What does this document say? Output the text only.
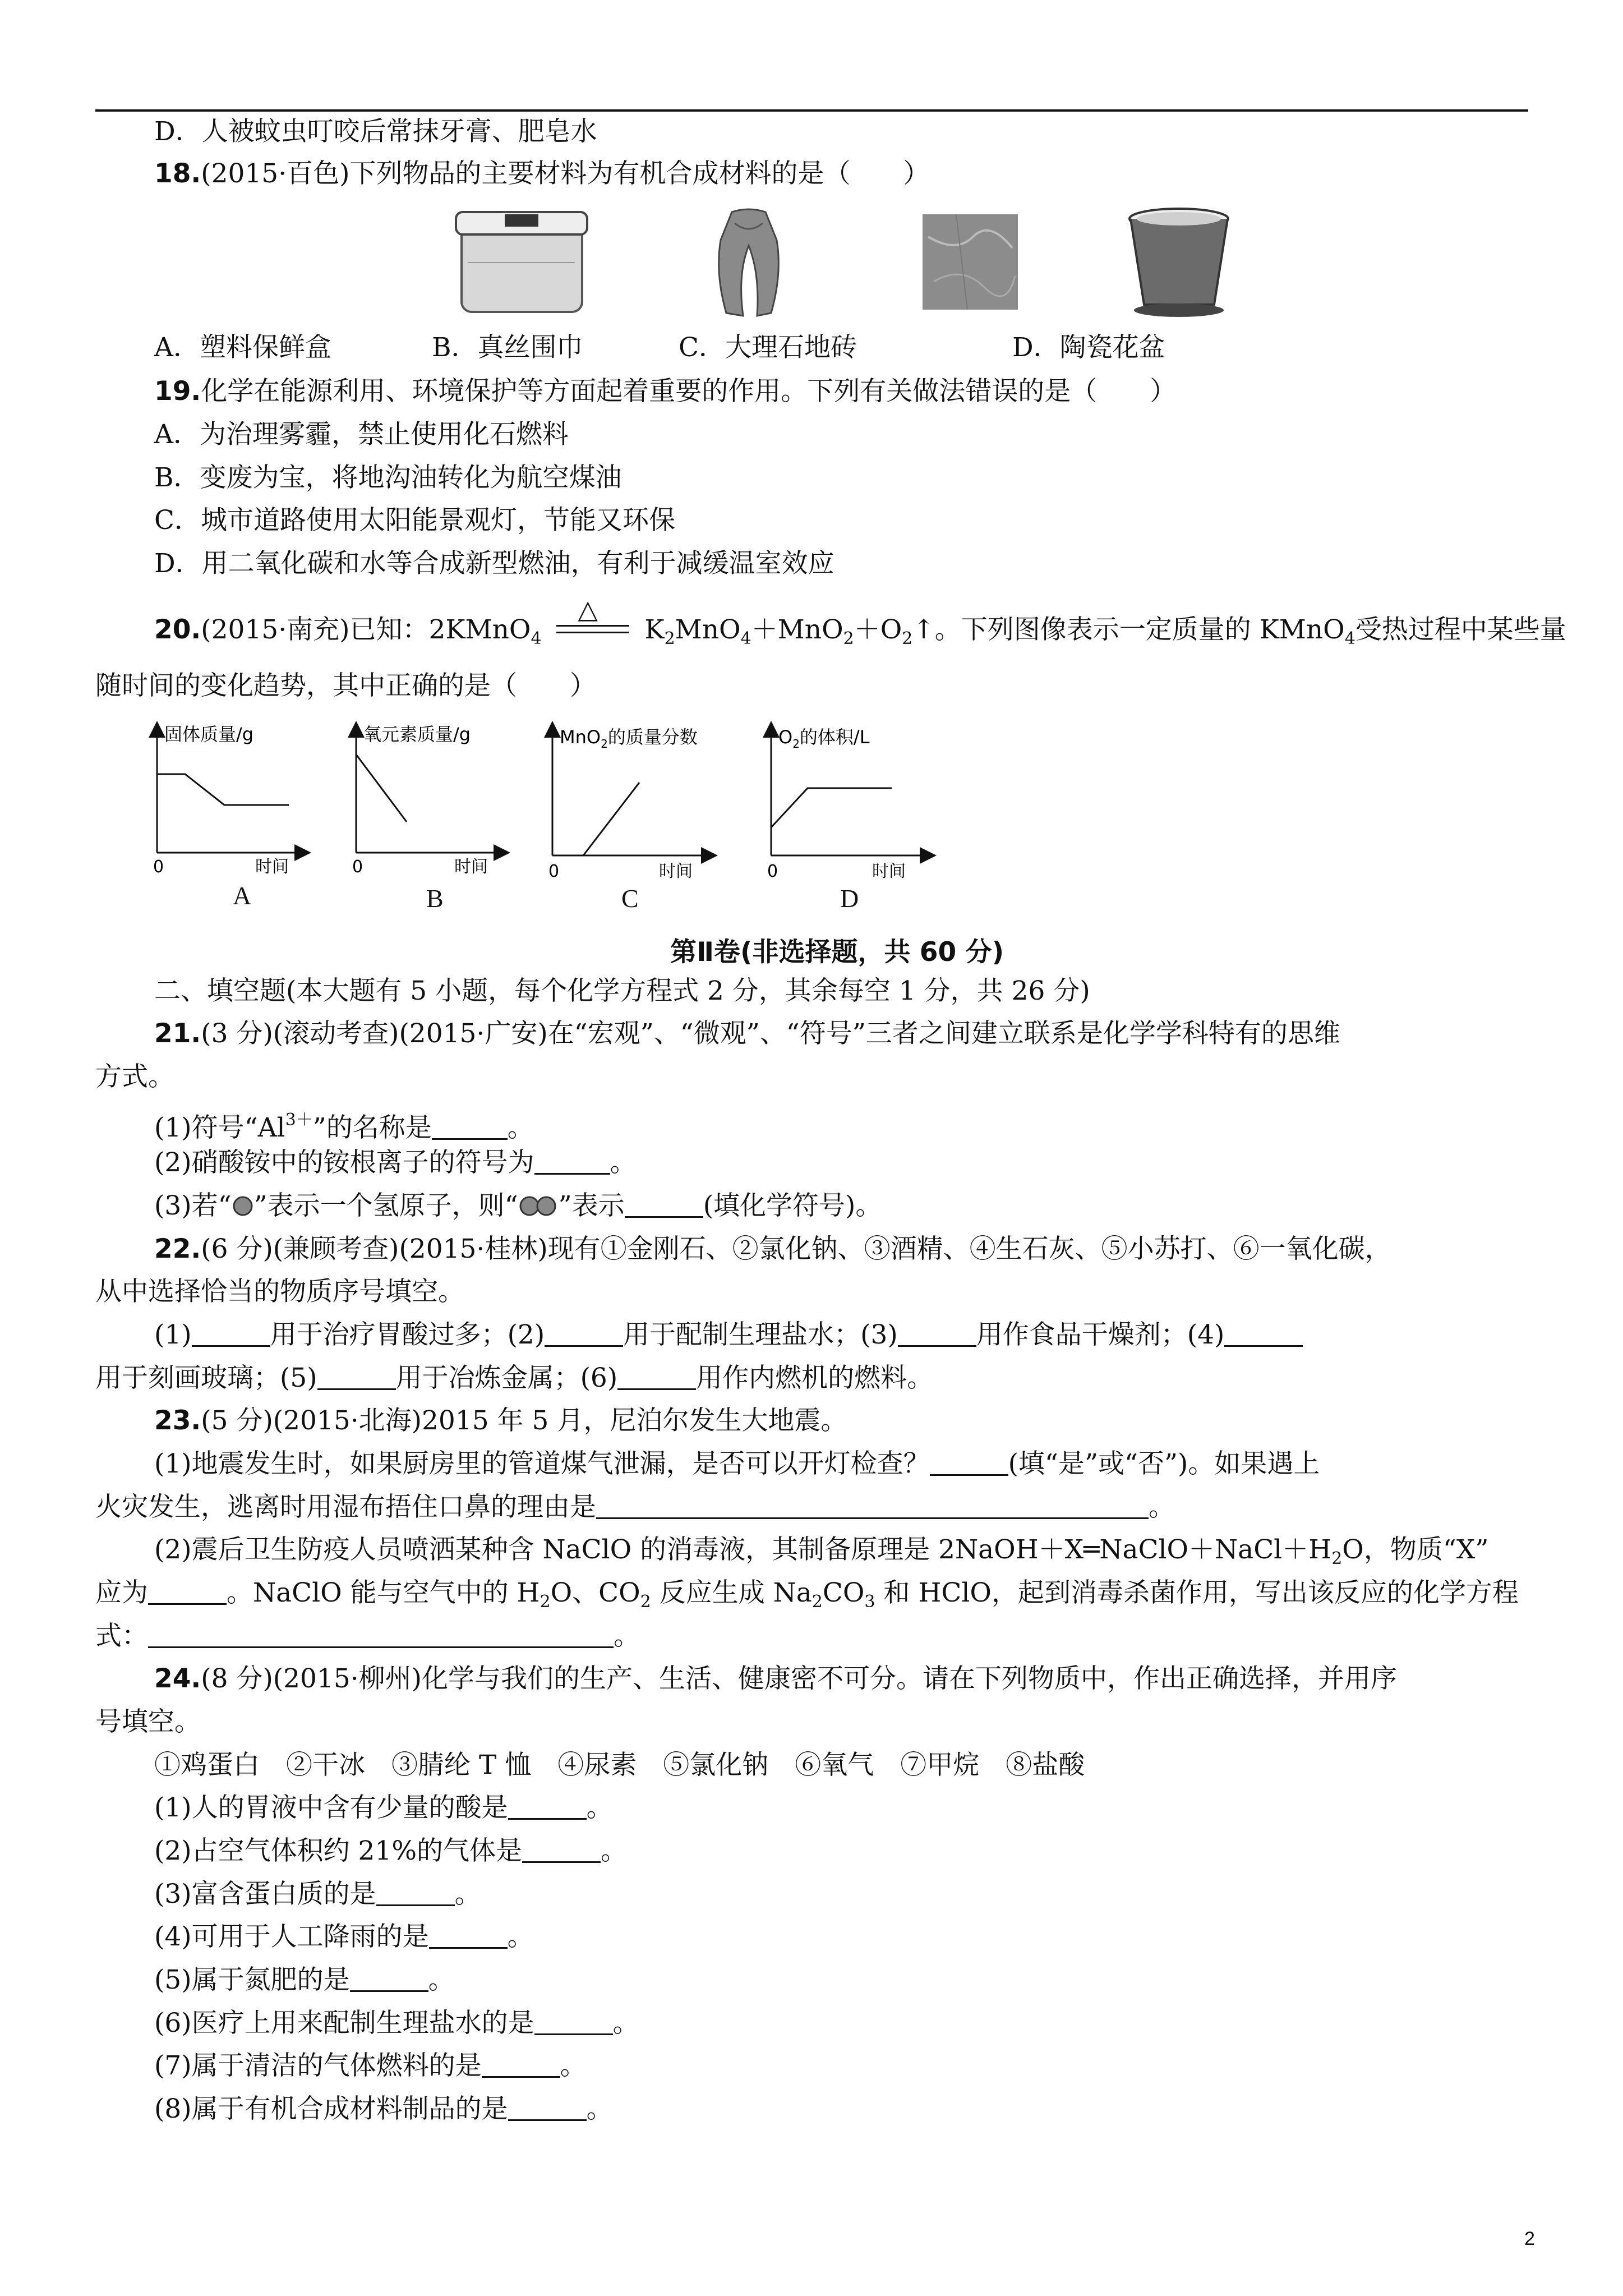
D．人被蚊虫叮咬后常抹牙膏、肥皂水
18.(2015·百色)下列物品的主要材料为有机合成材料的是（　　）
A．塑料保鲜盒	B．真丝围巾	C．大理石地砖	D．陶瓷花盆
19.化学在能源利用、环境保护等方面起着重要的作用。下列有关做法错误的是（　　）
A．为治理雾霾，禁止使用化石燃料
B．变废为宝，将地沟油转化为航空煤油
C．城市道路使用太阳能景观灯，节能又环保
D．用二氧化碳和水等合成新型燃油，有利于减缓温室效应
20.(2015·南充)已知：2KMnO$_4$
△
$K_2MnO_4+MnO_2+O_2↑$。下列图像表示一定质量的 KMnO$_4$受热过程中某些量
随时间的变化趋势，其中正确的是（　　）
固体质量/g
0	时间
A
氧元素质量/g
0	时间
B
MnO$_2$的质量分数
0	时间
C
$O_2$的体积/L
0	时间
D
第Ⅱ卷(非选择题，共 60 分)
二、填空题(本大题有 5 小题，每个化学方程式 2 分，其余每空 1 分，共 26 分)
21.(3 分)(滚动考查)(2015·广安)在“宏观”、“微观”、“符号”三者之间建立联系是化学学科特有的思维
方式。
(1)符号“$Al^{3+}$”的名称是	。
(2)硝酸铵中的铵根离子的符号为	。
(3)若“ ”表示一个氢原子，则“ ”表示	(填化学符号)。
22.(6 分)(兼顾考查)(2015·桂林)现有①金刚石、②氯化钠、③酒精、④生石灰、⑤小苏打、⑥一氧化碳，
从中选择恰当的物质序号填空。
(1)	用于治疗胃酸过多；(2)	用于配制生理盐水；(3)	用作食品干燥剂；(4)
用于刻画玻璃；(5)	用于冶炼金属；(6)	用作内燃机的燃料。
23.(5 分)(2015·北海)2015 年 5 月，尼泊尔发生大地震。
(1)地震发生时，如果厨房里的管道煤气泄漏，是否可以开灯检查？	(填“是”或“否”)。如果遇上
火灾发生，逃离时用湿布捂住口鼻的理由是	。
(2)震后卫生防疫人员喷洒某种含 NaClO 的消毒液，其制备原理是 $2NaOH+X═NaClO+NaCl+H_2O$，物质“X”
应为	。NaClO 能与空气中的 $H_2O$、$CO_2$ 反应生成 $Na_2CO_3$ 和 HClO，起到消毒杀菌作用，写出该反应的化学方程
式：	。
24.(8 分)(2015·柳州)化学与我们的生产、生活、健康密不可分。请在下列物质中，作出正确选择，并用序
号填空。
①鸡蛋白　②干冰　③腈纶 T 恤　④尿素　⑤氯化钠　⑥氧气　⑦甲烷　⑧盐酸
(1)人的胃液中含有少量的酸是	。
(2)占空气体积约 21%的气体是	。
(3)富含蛋白质的是	。
(4)可用于人工降雨的是	。
(5)属于氮肥的是	。
(6)医疗上用来配制生理盐水的是	。
(7)属于清洁的气体燃料的是	。
(8)属于有机合成材料制品的是	。
2
